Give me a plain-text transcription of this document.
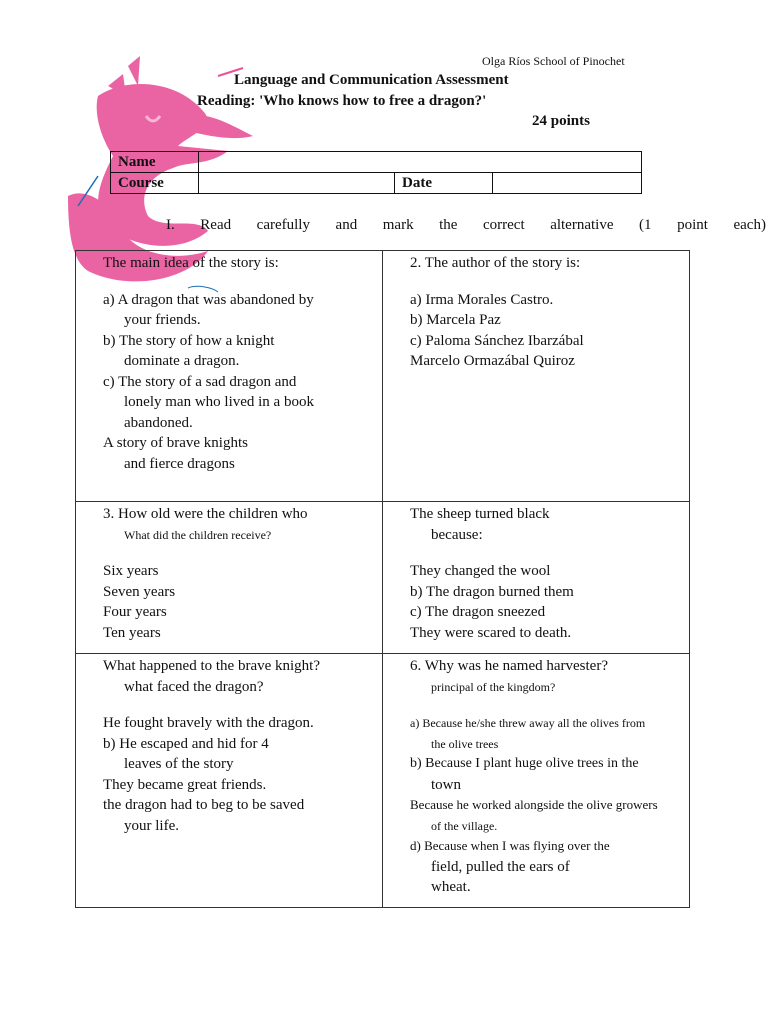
Olga Ríos School of Pinochet
Language and Communication Assessment
Reading: 'Who knows how to free a dragon?'
24 points
Name			
Course		Date	
I. Read carefully and mark the correct alternative (1 point each)
The main idea of the story is:
a) A dragon that was abandoned by
your friends.
b) The story of how a knight
dominate a dragon.
c) The story of a sad dragon and
lonely man who lived in a book
abandoned.
A story of brave knights
and fierce dragons
2. The author of the story is:
a) Irma Morales Castro.
b) Marcela Paz
c) Paloma Sánchez Ibarzábal
Marcelo Ormazábal Quiroz
3. How old were the children who
What did the children receive?
Six years
Seven years
Four years
Ten years
The sheep turned black
because:
They changed the wool
b) The dragon burned them
c) The dragon sneezed
They were scared to death.
What happened to the brave knight?
what faced the dragon?
He fought bravely with the dragon.
b) He escaped and hid for 4
leaves of the story
They became great friends.
the dragon had to beg to be saved
your life.
6. Why was he named harvester?
principal of the kingdom?
a) Because he/she threw away all the olives from
the olive trees
b) Because I plant huge olive trees in the
town
Because he worked alongside the olive growers
of the village.
d) Because when I was flying over the
field, pulled the ears of
wheat.
